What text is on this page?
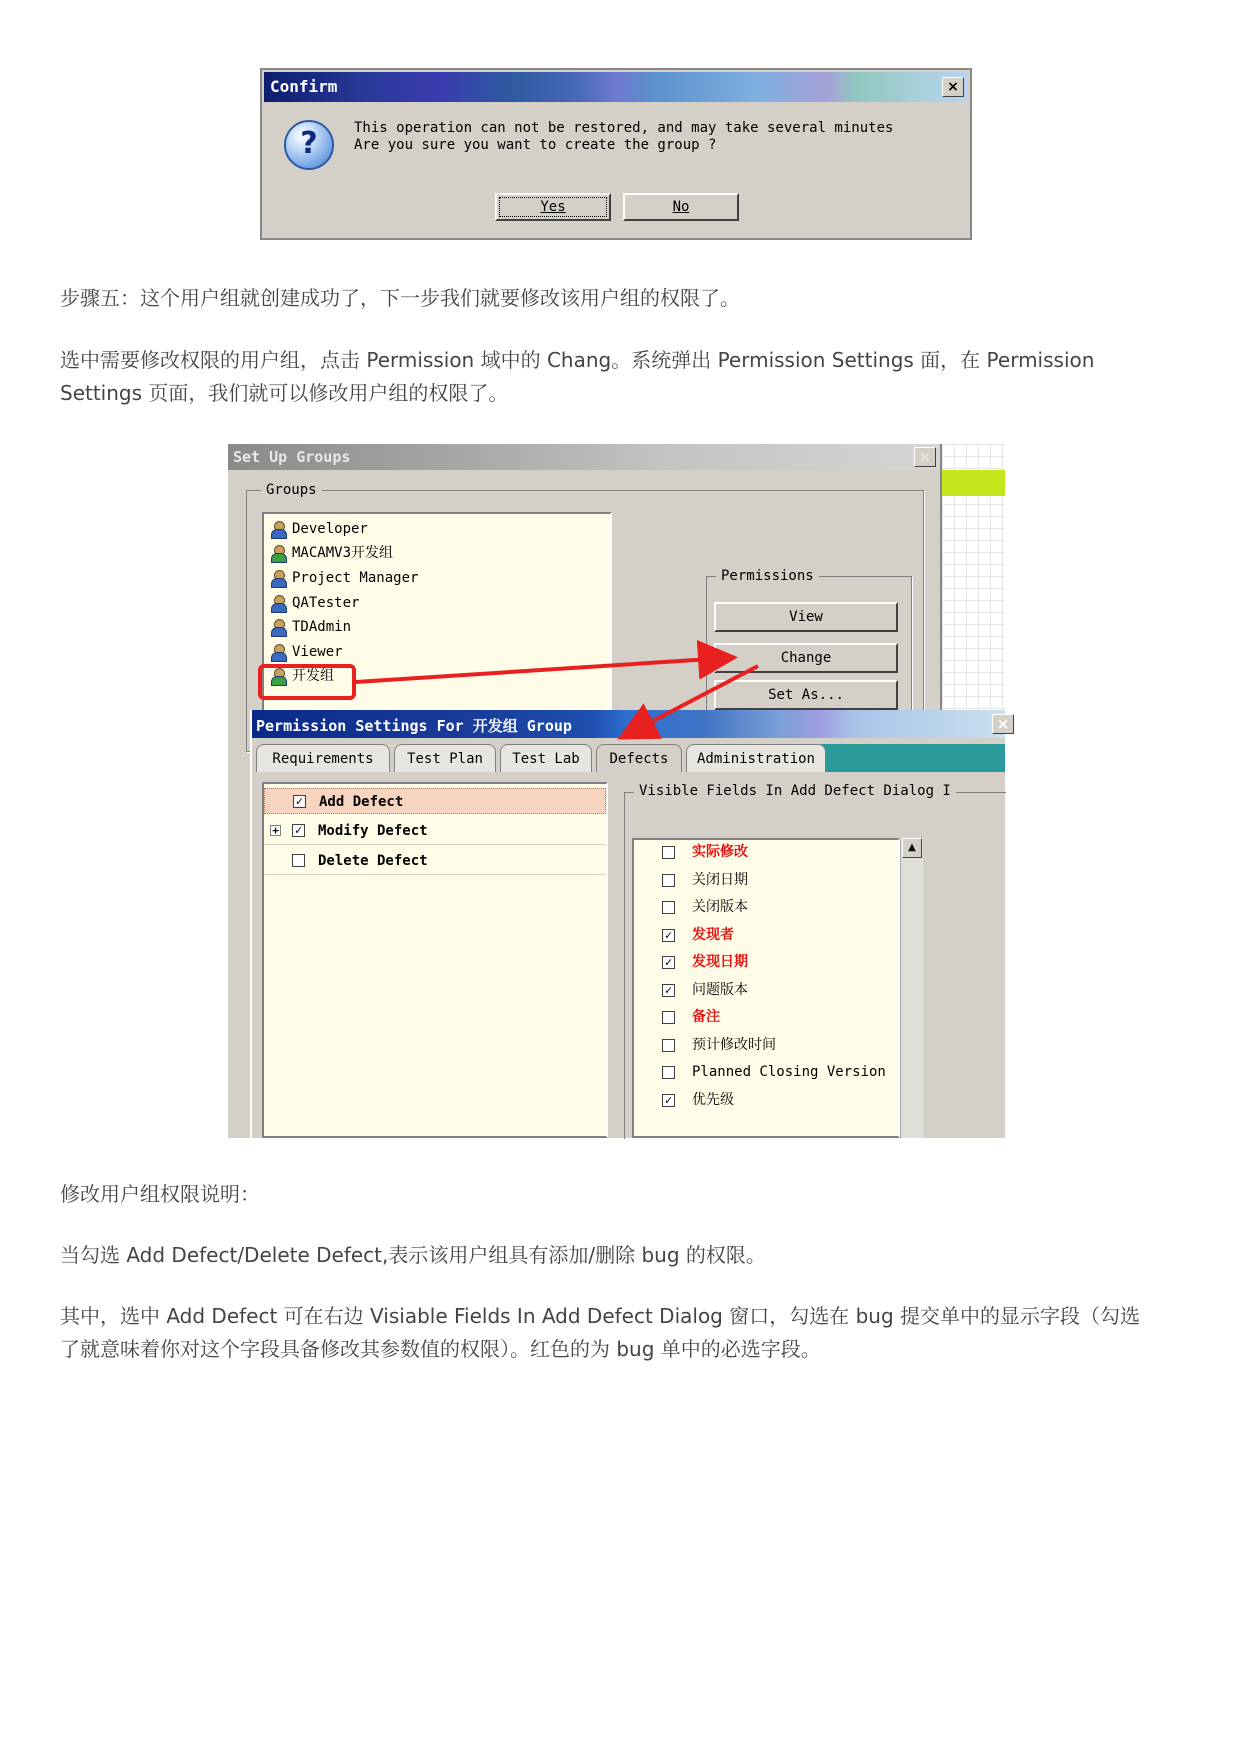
Confirm	×
?	This operation can not be restored, and may take several minutes
Are you sure you want to create the group ?
Yes	No

步骤五：这个用户组就创建成功了，下一步我们就要修改该用户组的权限了。

选中需要修改权限的用户组，点击 Permission 域中的 Chang。系统弹出 Permission Settings 面，在 Permission
Settings 页面，我们就可以修改用户组的权限了。

Set Up Groups	×
Groups
Developer
MACAMV3开发组
Project Manager
QATester
TDAdmin
Viewer
开发组
Permissions
View
Change
Set As...
Permission Settings For 开发组 Group	×
Requirements	Test Plan	Test Lab	Defects	Administration
✓ Add Defect
+ ✓ Modify Defect
Delete Defect
Visible Fields In Add Defect Dialog I
实际修改
关闭日期
关闭版本
✓ 发现者
✓ 发现日期
✓ 问题版本
备注
预计修改时间
Planned Closing Version
✓ 优先级
▲

修改用户组权限说明：

当勾选 Add Defect/Delete Defect,表示该用户组具有添加/删除 bug 的权限。

其中，选中 Add Defect 可在右边 Visiable Fields In Add Defect Dialog 窗口，勾选在 bug 提交单中的显示字段（勾选
了就意味着你对这个字段具备修改其参数值的权限）。红色的为 bug 单中的必选字段。
